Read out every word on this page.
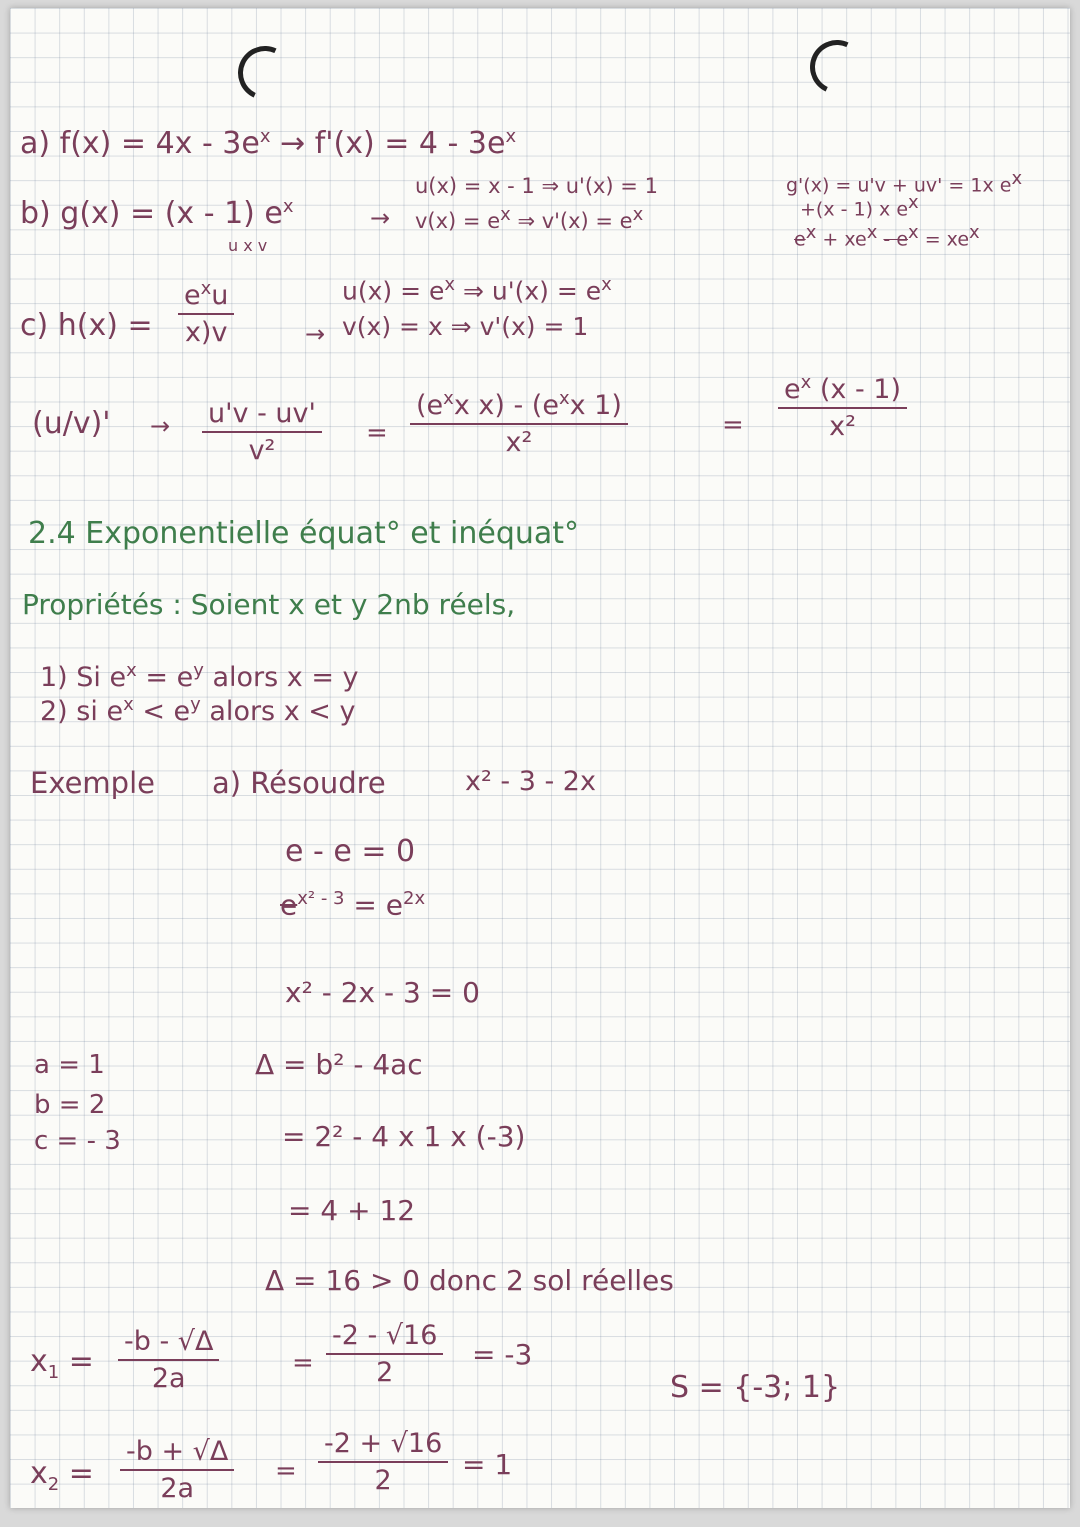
a) $f(x) = 4x - 3e^x \to f'(x) = 4 - 3e^x$
b) g(x) = (x - 1) $e^x$
u x v
→
u(x) = x - 1 ⇒ u'(x) = 1
$v(x) = e^x$ ⇒ $v'(x) = e^x$
g'(x) = u'v + uv' = 1x $e^x$
+(x - 1) x $e^x$
$e^x + xe^x - e^x = xe^x$
c) h(x) =
$e^xu$
x)v	→
$u(x) = e^x$ ⇒ $u'(x) = e^x$
v(x) = x ⇒ v'(x) = 1
$(u/v)' \to \frac{u'v - uv'}{\text{v²}}$ =
($e^xx$ $x) - (e^xx$ 1)
x²
= $\frac{e^x (x - 1)}{\text{x²}}$
2.4 Exponentielle équat° et inéquat°
Propriétés : Soient x et y 2nb réels,
1) Si $e^x = e^y$ alors x = y
2) si $e^x < e^y$ alors x < y
Exemple a) Résoudre	x² - 3 - 2x
e - e = 0
$e^{x^2 - 3} = e^{2x}$
x² - 2x - 3 = 0
a = 1
b = 2
c = - 3
Δ = b² - 4ac
= 2² - 4 x 1 x (-3)
= 4 + 12
Δ = 16 > 0 donc 2 sol réelles
$x_1 = \frac{-b - √\Delta}{2a}$	= $\frac{-2 - √16}{2} = -3$
S = {-3; 1}
$x_2 = \frac{-b + √\Delta}{2a} = \frac{-2 + √16}{2} = 1$
